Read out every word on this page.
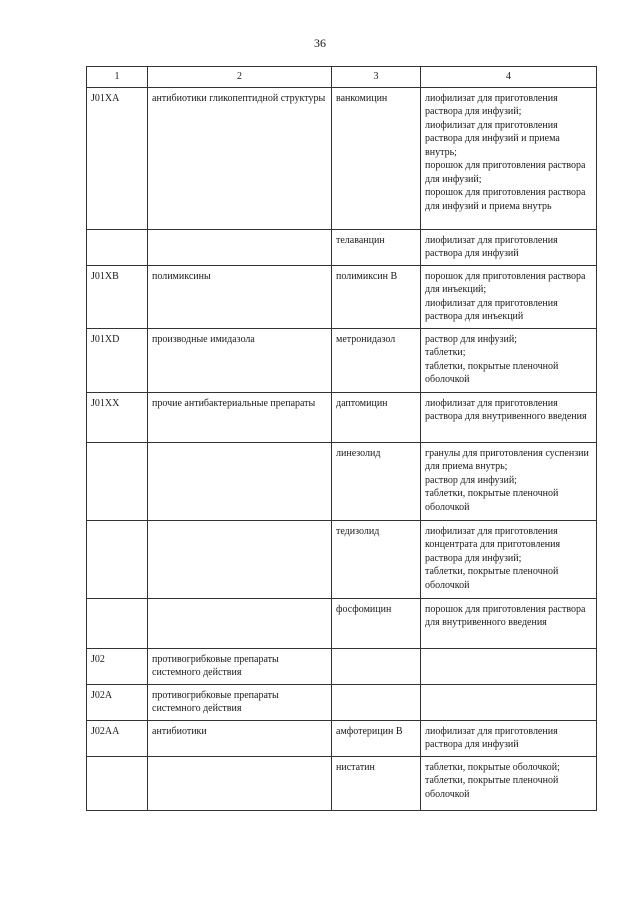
36
1	2	3	4
J01XA	антибиотики гликопептидной структуры	ванкомицин	лиофилизат для приготовления раствора для инфузий;
лиофилизат для приготовления раствора для инфузий и приема внутрь;
порошок для приготовления раствора для инфузий;
порошок для приготовления раствора для инфузий и приема внутрь

		телаванцин	лиофилизат для приготовления раствора для инфузий

J01XB	полимиксины	полимиксин В	порошок для приготовления раствора для инъекций;
лиофилизат для приготовления раствора для инъекций

J01XD	производные имидазола	метронидазол	раствор для инфузий;
таблетки;
таблетки, покрытые пленочной оболочкой

J01XX	прочие антибактериальные препараты	даптомицин	лиофилизат для приготовления раствора для внутривенного введения

		линезолид	гранулы для приготовления суспензии для приема внутрь;
раствор для инфузий;
таблетки, покрытые пленочной оболочкой

		тедизолид	лиофилизат для приготовления концентрата для приготовления раствора для инфузий;
таблетки, покрытые пленочной оболочкой

		фосфомицин	порошок для приготовления раствора для внутривенного введения

J02	противогрибковые препараты системного действия		
J02A	противогрибковые препараты системного действия		
J02AA	антибиотики	амфотерицин В	лиофилизат для приготовления раствора для инфузий

		нистатин	таблетки, покрытые оболочкой;
таблетки, покрытые пленочной оболочкой
